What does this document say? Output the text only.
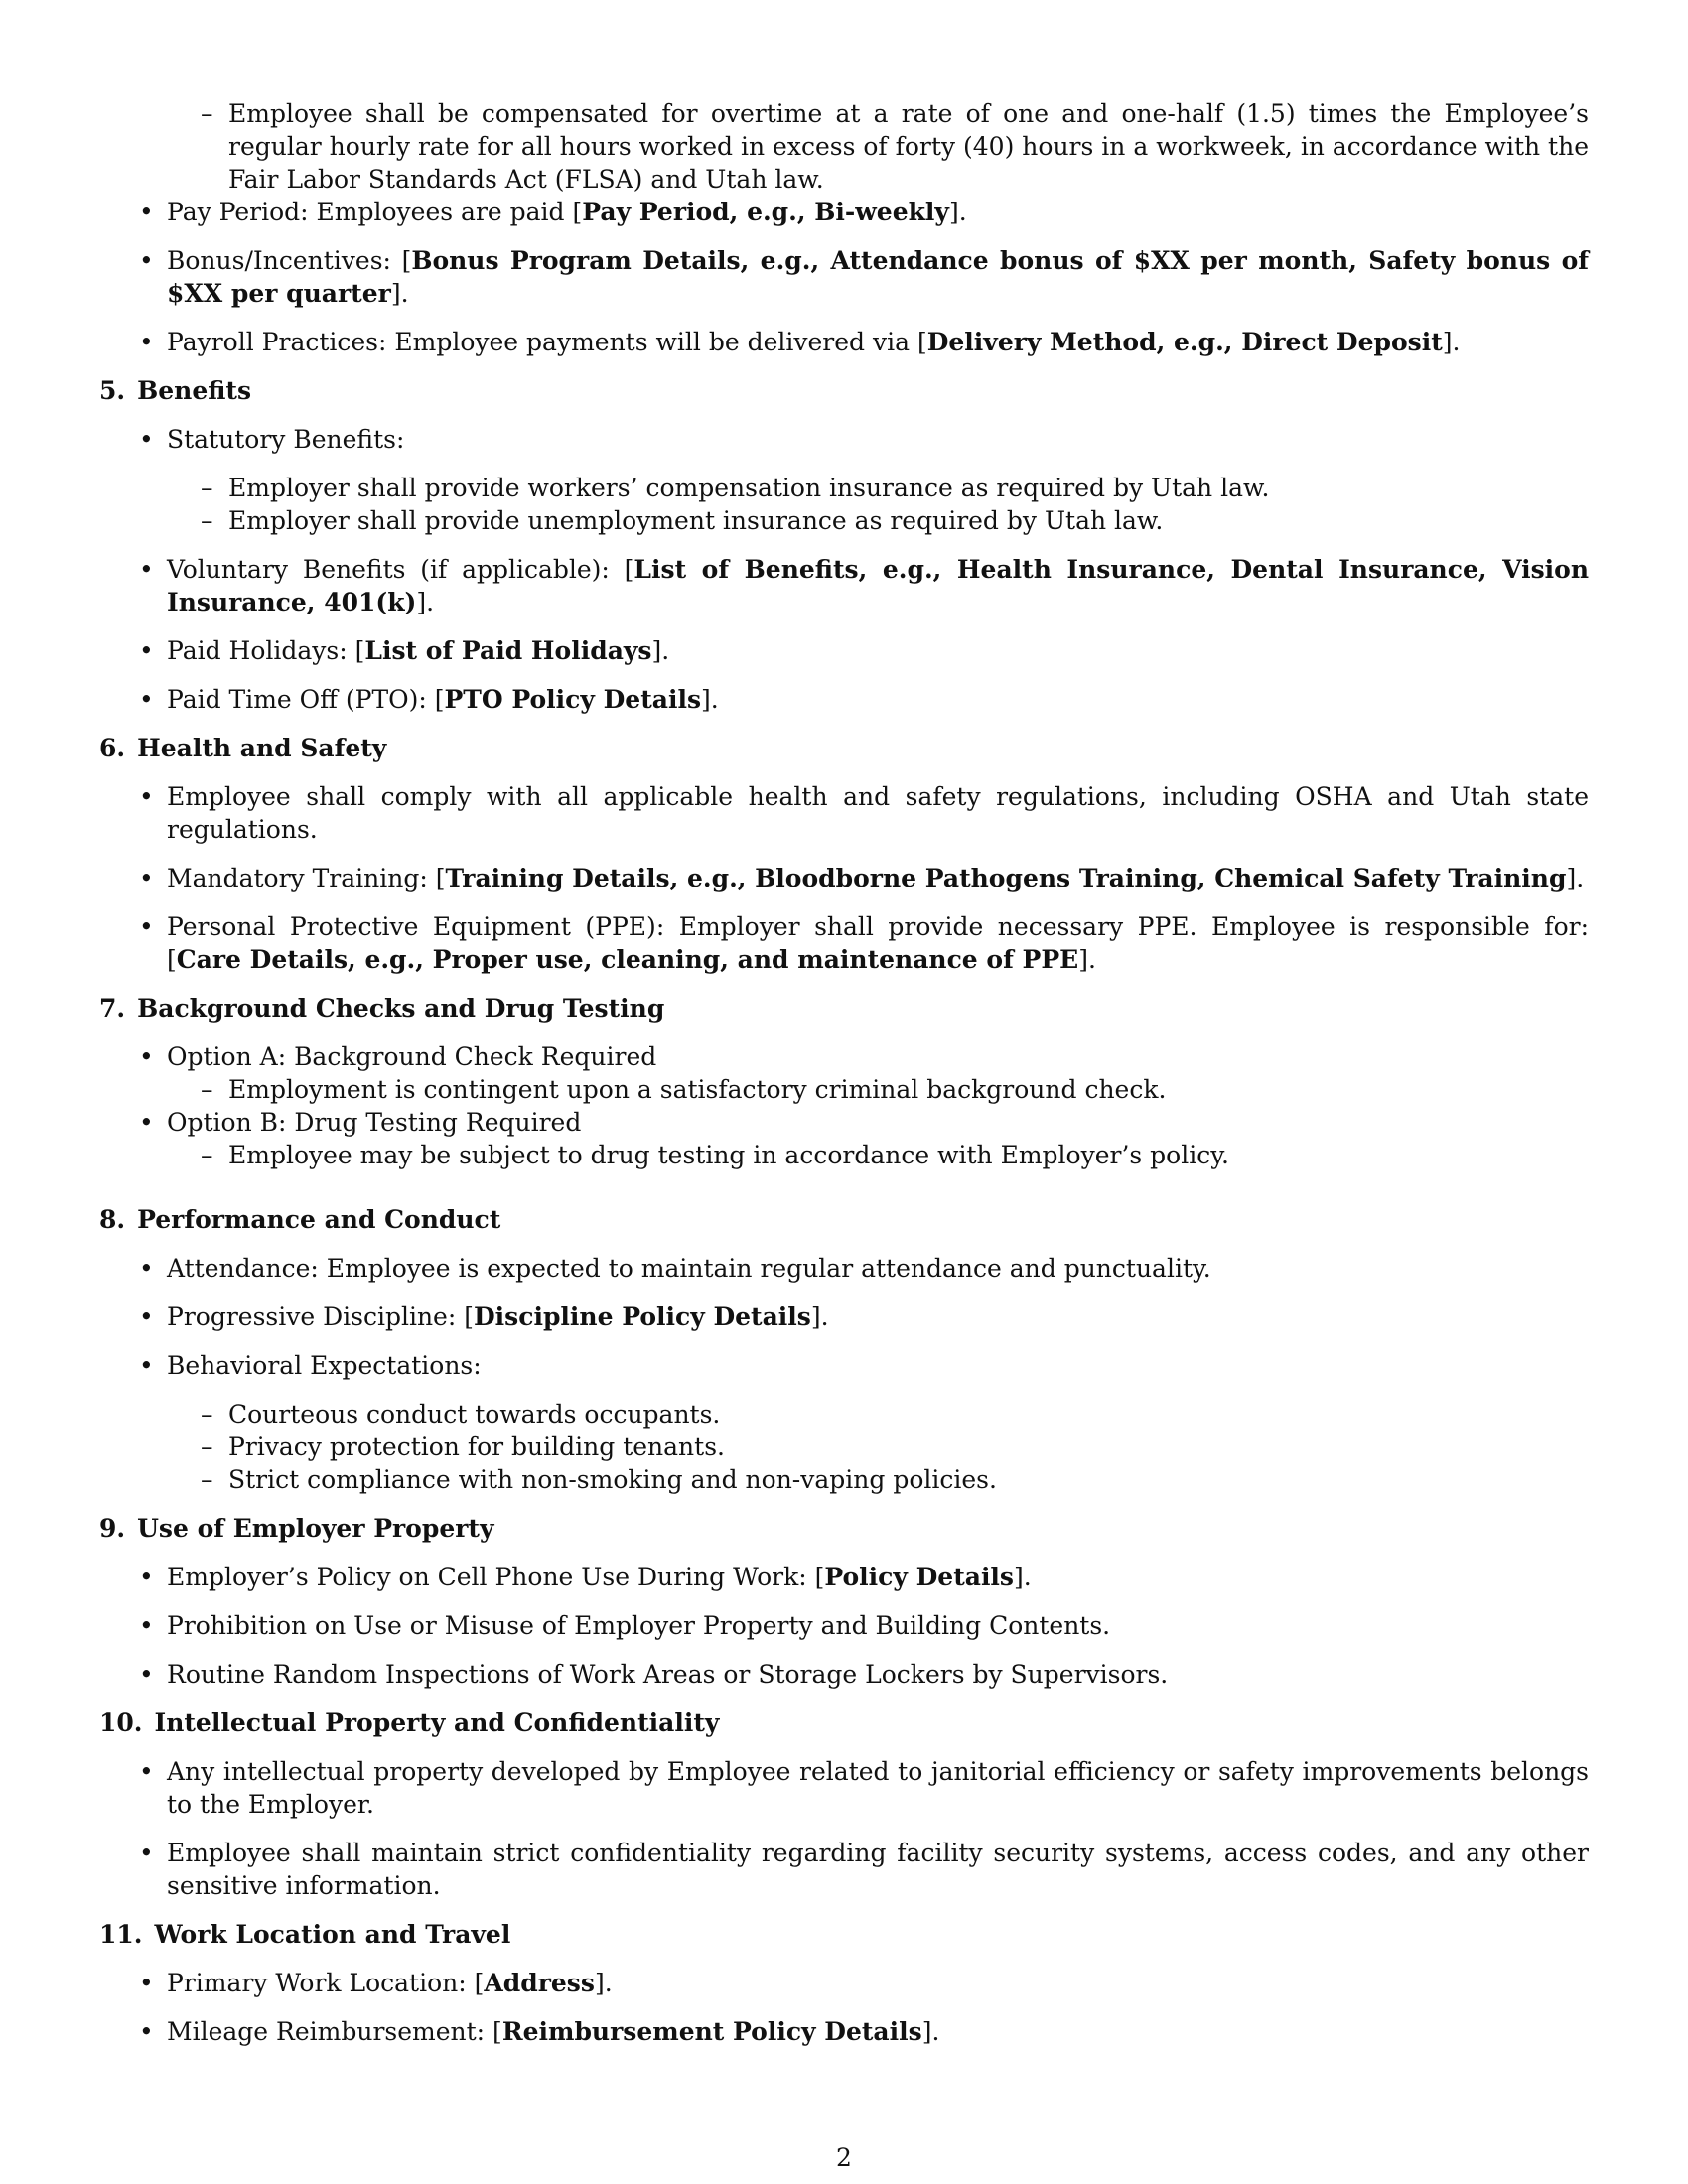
– Employee shall be compensated for overtime at a rate of one and one-half (1.5) times the Employee’s regular hourly rate for all hours worked in excess of forty (40) hours in a workweek, in accordance with the Fair Labor Standards Act (FLSA) and Utah law.
• Pay Period: Employees are paid [Pay Period, e.g., Bi-weekly].
• Bonus/Incentives: [Bonus Program Details, e.g., Attendance bonus of $XX per month, Safety bonus of $XX per quarter].
• Payroll Practices: Employee payments will be delivered via [Delivery Method, e.g., Direct Deposit].
5. Benefits
• Statutory Benefits:
– Employer shall provide workers’ compensation insurance as required by Utah law.
– Employer shall provide unemployment insurance as required by Utah law.
• Voluntary Benefits (if applicable): [List of Benefits, e.g., Health Insurance, Dental Insurance, Vision Insurance, 401(k)].
• Paid Holidays: [List of Paid Holidays].
• Paid Time Off (PTO): [PTO Policy Details].
6. Health and Safety
• Employee shall comply with all applicable health and safety regulations, including OSHA and Utah state regulations.
• Mandatory Training: [Training Details, e.g., Bloodborne Pathogens Training, Chemical Safety Training].
• Personal Protective Equipment (PPE): Employer shall provide necessary PPE. Employee is responsible for: [Care Details, e.g., Proper use, cleaning, and maintenance of PPE].
7. Background Checks and Drug Testing
• Option A: Background Check Required
– Employment is contingent upon a satisfactory criminal background check.
• Option B: Drug Testing Required
– Employee may be subject to drug testing in accordance with Employer’s policy.
8. Performance and Conduct
• Attendance: Employee is expected to maintain regular attendance and punctuality.
• Progressive Discipline: [Discipline Policy Details].
• Behavioral Expectations:
– Courteous conduct towards occupants.
– Privacy protection for building tenants.
– Strict compliance with non-smoking and non-vaping policies.
9. Use of Employer Property
• Employer’s Policy on Cell Phone Use During Work: [Policy Details].
• Prohibition on Use or Misuse of Employer Property and Building Contents.
• Routine Random Inspections of Work Areas or Storage Lockers by Supervisors.
10. Intellectual Property and Confidentiality
• Any intellectual property developed by Employee related to janitorial efficiency or safety improvements belongs to the Employer.
• Employee shall maintain strict confidentiality regarding facility security systems, access codes, and any other sensitive information.
11. Work Location and Travel
• Primary Work Location: [Address].
• Mileage Reimbursement: [Reimbursement Policy Details].
2
